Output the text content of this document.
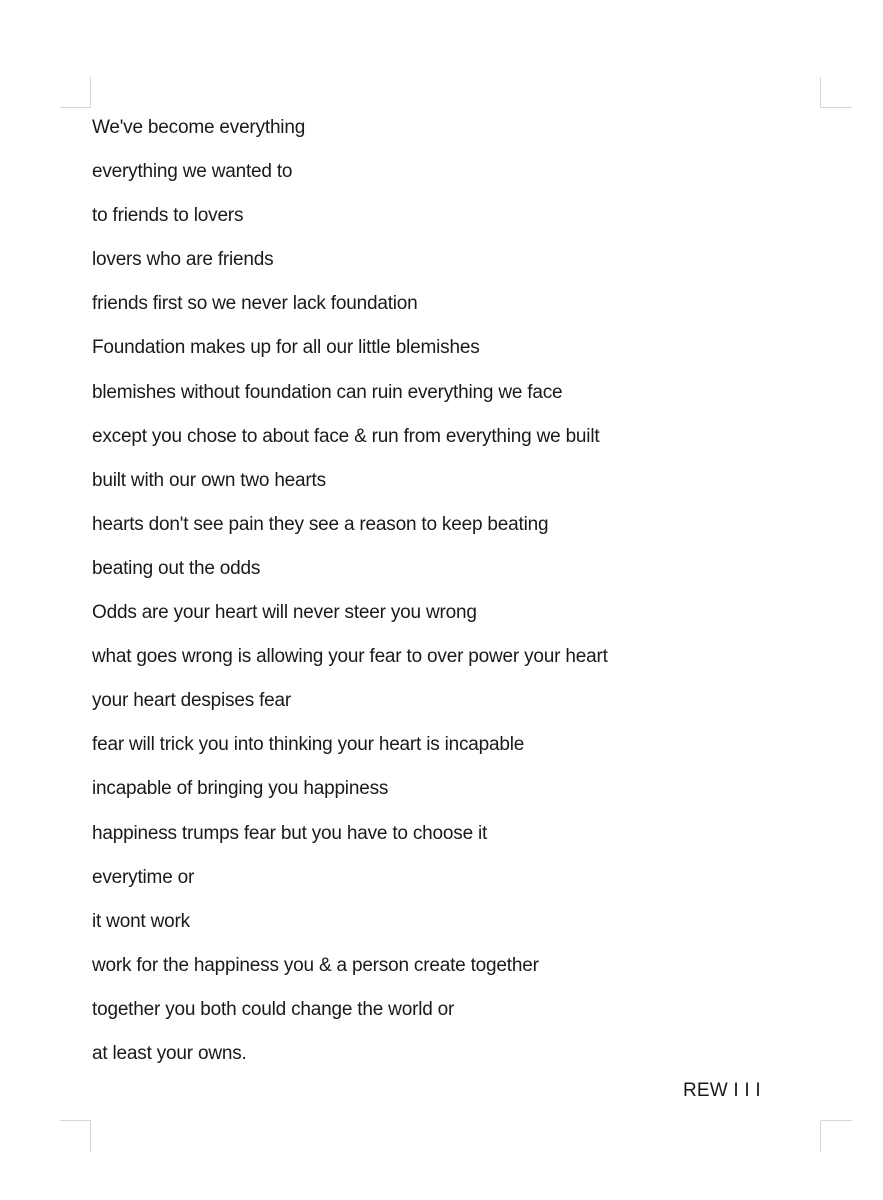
We've become everything
everything we wanted to
to friends to lovers
lovers who are friends
friends first so we never lack foundation
Foundation makes up for all our little blemishes
blemishes without foundation can ruin everything we face
except you chose to about face & run from everything we built
built with our own two hearts
hearts don't see pain they see a reason to keep beating
beating out the odds
Odds are your heart will never steer you wrong
what goes wrong is allowing your fear to over power your heart
your heart despises fear
fear will trick you into thinking your heart is incapable
incapable of bringing you happiness
happiness trumps fear but you have to choose it
everytime or
it wont work
work for the happiness you & a person create together
together you both could change the world or
at least your owns.
REW I I I
